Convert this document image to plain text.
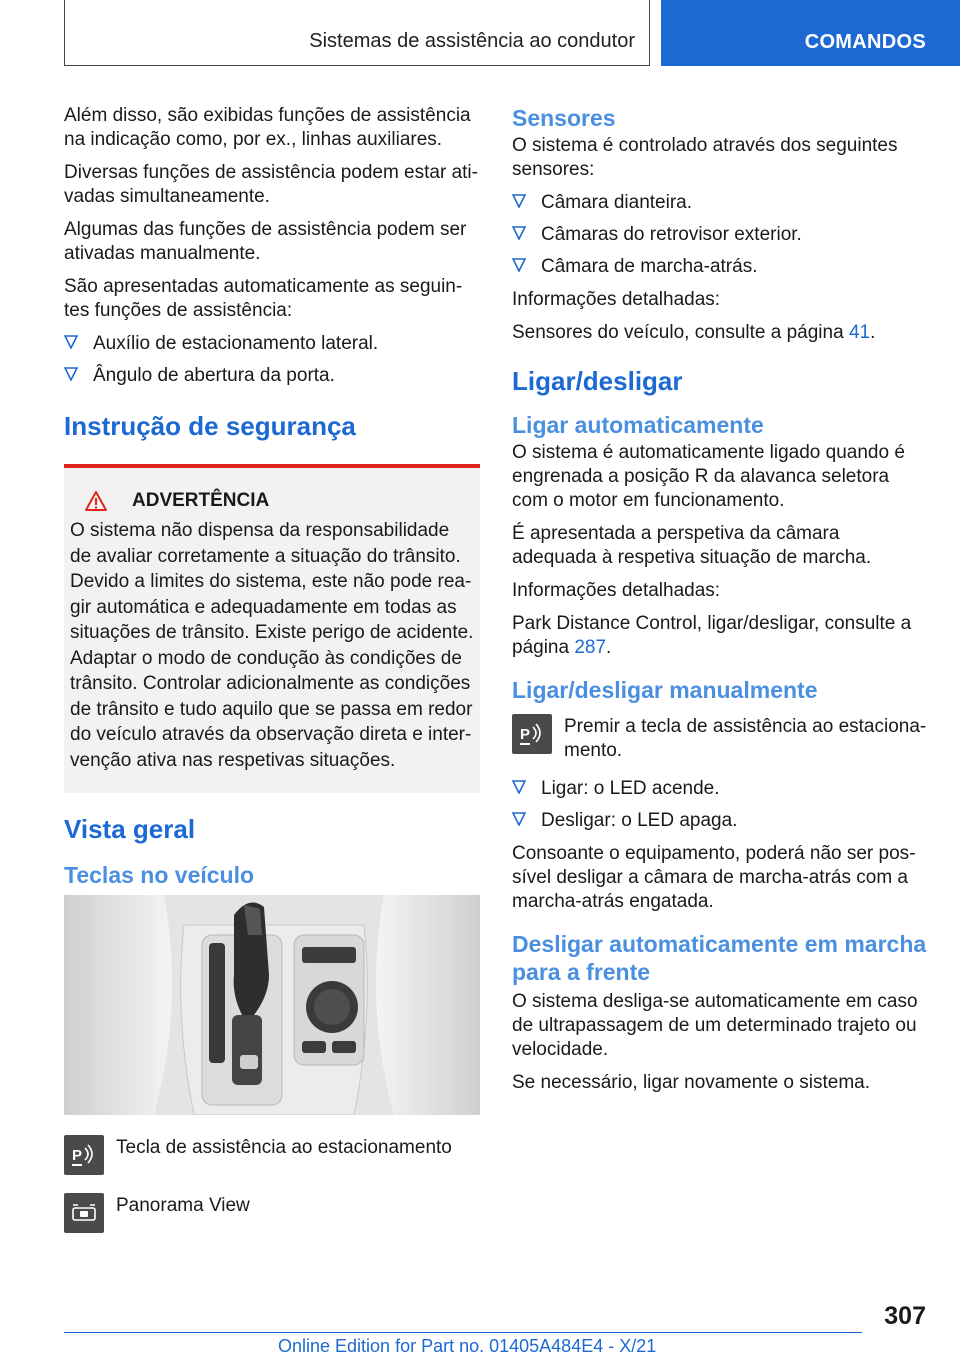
Sistemas de assistência ao condutor	COMANDOS

Além disso, são exibidas funções de assistência na indicação como, por ex., linhas auxiliares.

Diversas funções de assistência podem estar ativadas simultaneamente.

Algumas das funções de assistência podem ser ativadas manualmente.

São apresentadas automaticamente as seguintes funções de assistência:

Auxílio de estacionamento lateral.
Ângulo de abertura da porta.
Instrução de segurança
ADVERTÊNCIA

O sistema não dispensa da responsabilidade de avaliar corretamente a situação do trânsito. Devido a limites do sistema, este não pode reagir automática e adequadamente em todas as situações de trânsito. Existe perigo de acidente. Adaptar o modo de condução às condições de trânsito. Controlar adicionalmente as condições de trânsito e tudo aquilo que se passa em redor do veículo através da observação direta e intervenção ativa nas respetivas situações.

Vista geral
Teclas no veículo
P Tecla de assistência ao estacionamento
Panorama View
Sensores

O sistema é controlado através dos seguintes sensores:

Câmara dianteira.
Câmaras do retrovisor exterior.
Câmara de marcha-atrás.

Informações detalhadas:

Sensores do veículo, consulte a página 41.

Ligar/desligar
Ligar automaticamente

O sistema é automaticamente ligado quando é engrenada a posição R da alavanca seletora com o motor em funcionamento.

É apresentada a perspetiva da câmara adequada à respetiva situação de marcha.

Informações detalhadas:

Park Distance Control, ligar/desligar, consulte a página 287.

Ligar/desligar manualmente
P Premir a tecla de assistência ao estacionamento.
Ligar: o LED acende.
Desligar: o LED apaga.

Consoante o equipamento, poderá não ser possível desligar a câmara de marcha-atrás com a marcha-atrás engatada.

Desligar automaticamente em marcha para a frente

O sistema desliga-se automaticamente em caso de ultrapassagem de um determinado trajeto ou velocidade.

Se necessário, ligar novamente o sistema.

307
Online Edition for Part no. 01405A484E4 - X/21
